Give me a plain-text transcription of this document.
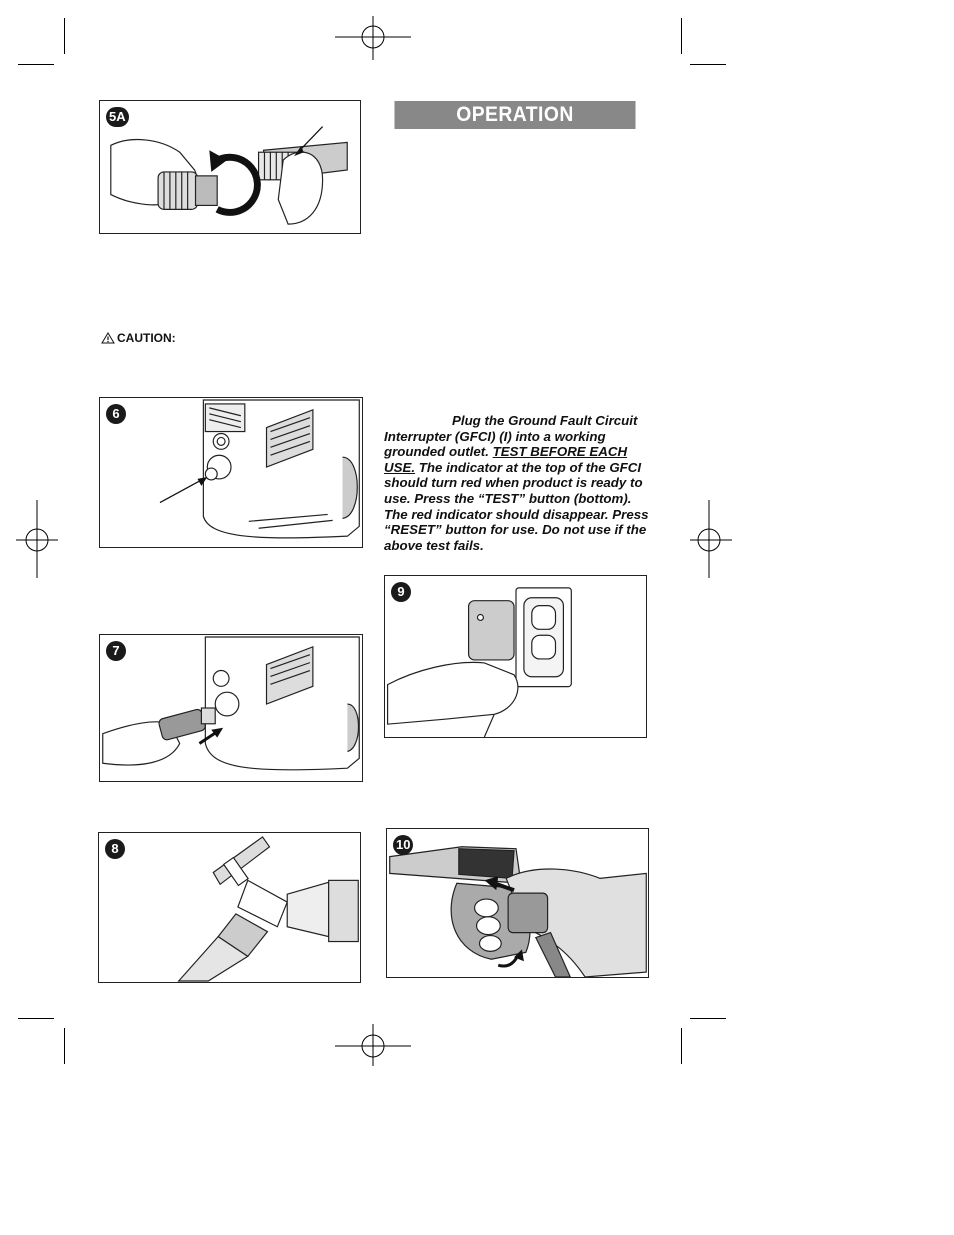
OPERATION
CAUTION:
Plug the Ground Fault Circuit Interrupter (GFCI) (I) into a working grounded outlet. TEST BEFORE EACH USE. The indicator at the top of the GFCI should turn red when product is ready to use. Press the “TEST” button (bottom). The red indicator should disappear. Press “RESET” button for use. Do not use if the above test fails.
5A
6
7
8
9
10
